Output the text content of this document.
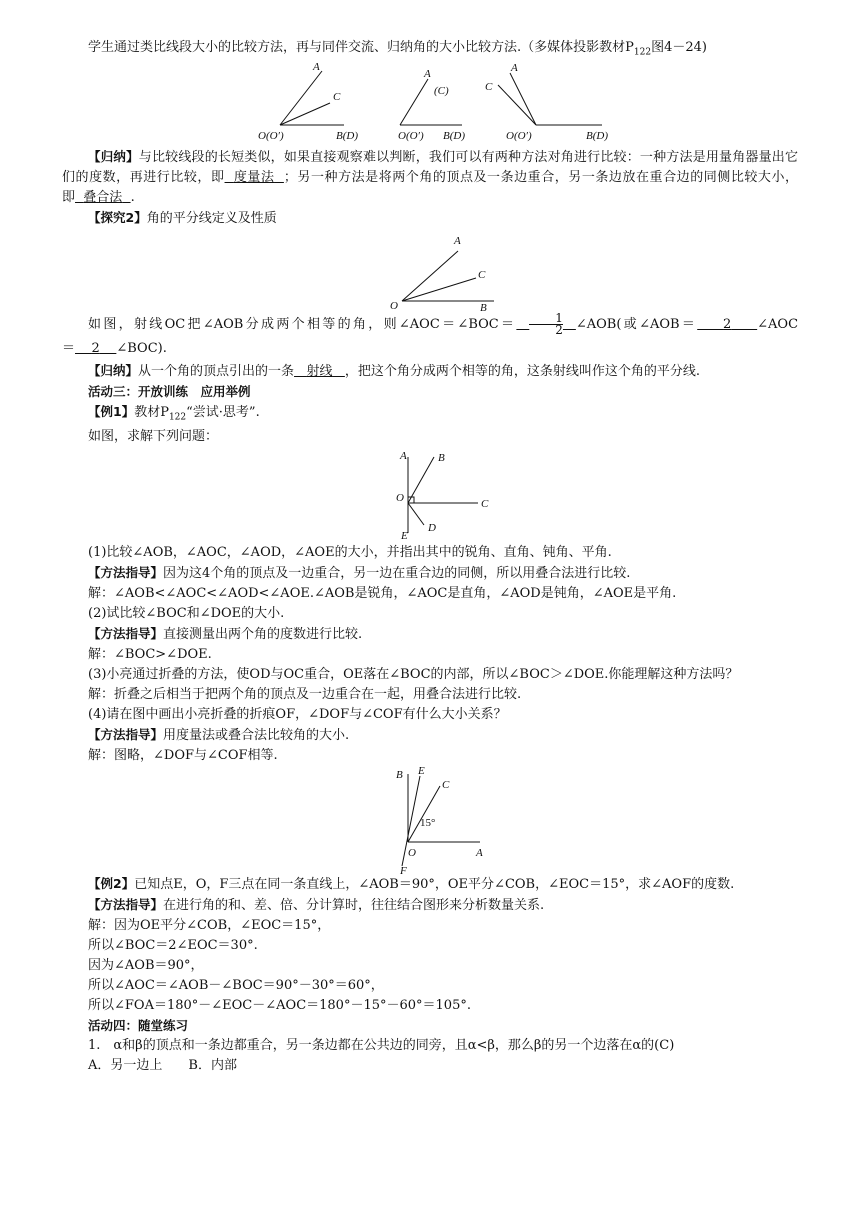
学生通过类比线段大小的比较方法，再与同伴交流、归纳角的大小比较方法.（多媒体投影教材$P_{122}$图4－24)

A
C
O(O′)	B(D)
A
(C)
O(O′) B(D)
A
C
O(O′)	B(D)

【归纳】与比较线段的长短类似，如果直接观察难以判断，我们可以有两种方法对角进行比较：一种方法是用量角器量出它们的度数，再进行比较，即 度量法 ；另一种方法是将两个角的顶点及一条边重合，另一条边放在重合边的同侧比较大小，即 叠合法 .

【探究2】角的平分线定义及性质

A
C
O	B

如图，射线OC把∠AOB分成两个相等的角，则∠AOC＝∠BOC＝ $\frac{1}{2}$ ∠AOB(或∠AOB＝ 2 ∠AOC＝ 2 ∠BOC).

【归纳】从一个角的顶点引出的一条 射线 ，把这个角分成两个相等的角，这条射线叫作这个角的平分线.

活动三：开放训练　应用举例

【例1】教材$P_{122}“$尝试·思考”.

如图，求解下列问题：

A	B
O	C
E
D

(1)比较∠AOB，∠AOC，∠AOD，∠AOE的大小，并指出其中的锐角、直角、钝角、平角.

【方法指导】因为这4个角的顶点及一边重合，另一边在重合边的同侧，所以用叠合法进行比较.

解：∠AOB<∠AOC<∠AOD<∠AOE.∠AOB是锐角，∠AOC是直角，∠AOD是钝角，∠AOE是平角.

(2)试比较∠BOC和∠DOE的大小.

【方法指导】直接测量出两个角的度数进行比较.

解：∠BOC>∠DOE.

(3)小亮通过折叠的方法，使OD与OC重合，OE落在∠BOC的内部，所以∠BOC＞∠DOE.你能理解这种方法吗？

解：折叠之后相当于把两个角的顶点及一边重合在一起，用叠合法进行比较.

(4)请在图中画出小亮折叠的折痕OF，∠DOF与∠COF有什么大小关系？

【方法指导】用度量法或叠合法比较角的大小.

解：图略，∠DOF与∠COF相等.

B E
C
15°
O	A
F

【例2】已知点E，O，F三点在同一条直线上，∠AOB＝90°，OE平分∠COB，∠EOC＝15°，求∠AOF的度数.

【方法指导】在进行角的和、差、倍、分计算时，往往结合图形来分析数量关系.

解：因为OE平分∠COB，∠EOC＝15°，

所以∠BOC＝2∠EOC＝30°.

因为∠AOB＝90°，

所以∠AOC＝∠AOB－∠BOC＝90°－30°＝60°，

所以∠FOA＝180°－∠EOC－∠AOC＝180°－15°－60°＝105°.

活动四：随堂练习

1.　α和β的顶点和一条边都重合，另一条边都在公共边的同旁，且α<β，那么β的另一个边落在α的(C)

A．另一边上　　B．内部
